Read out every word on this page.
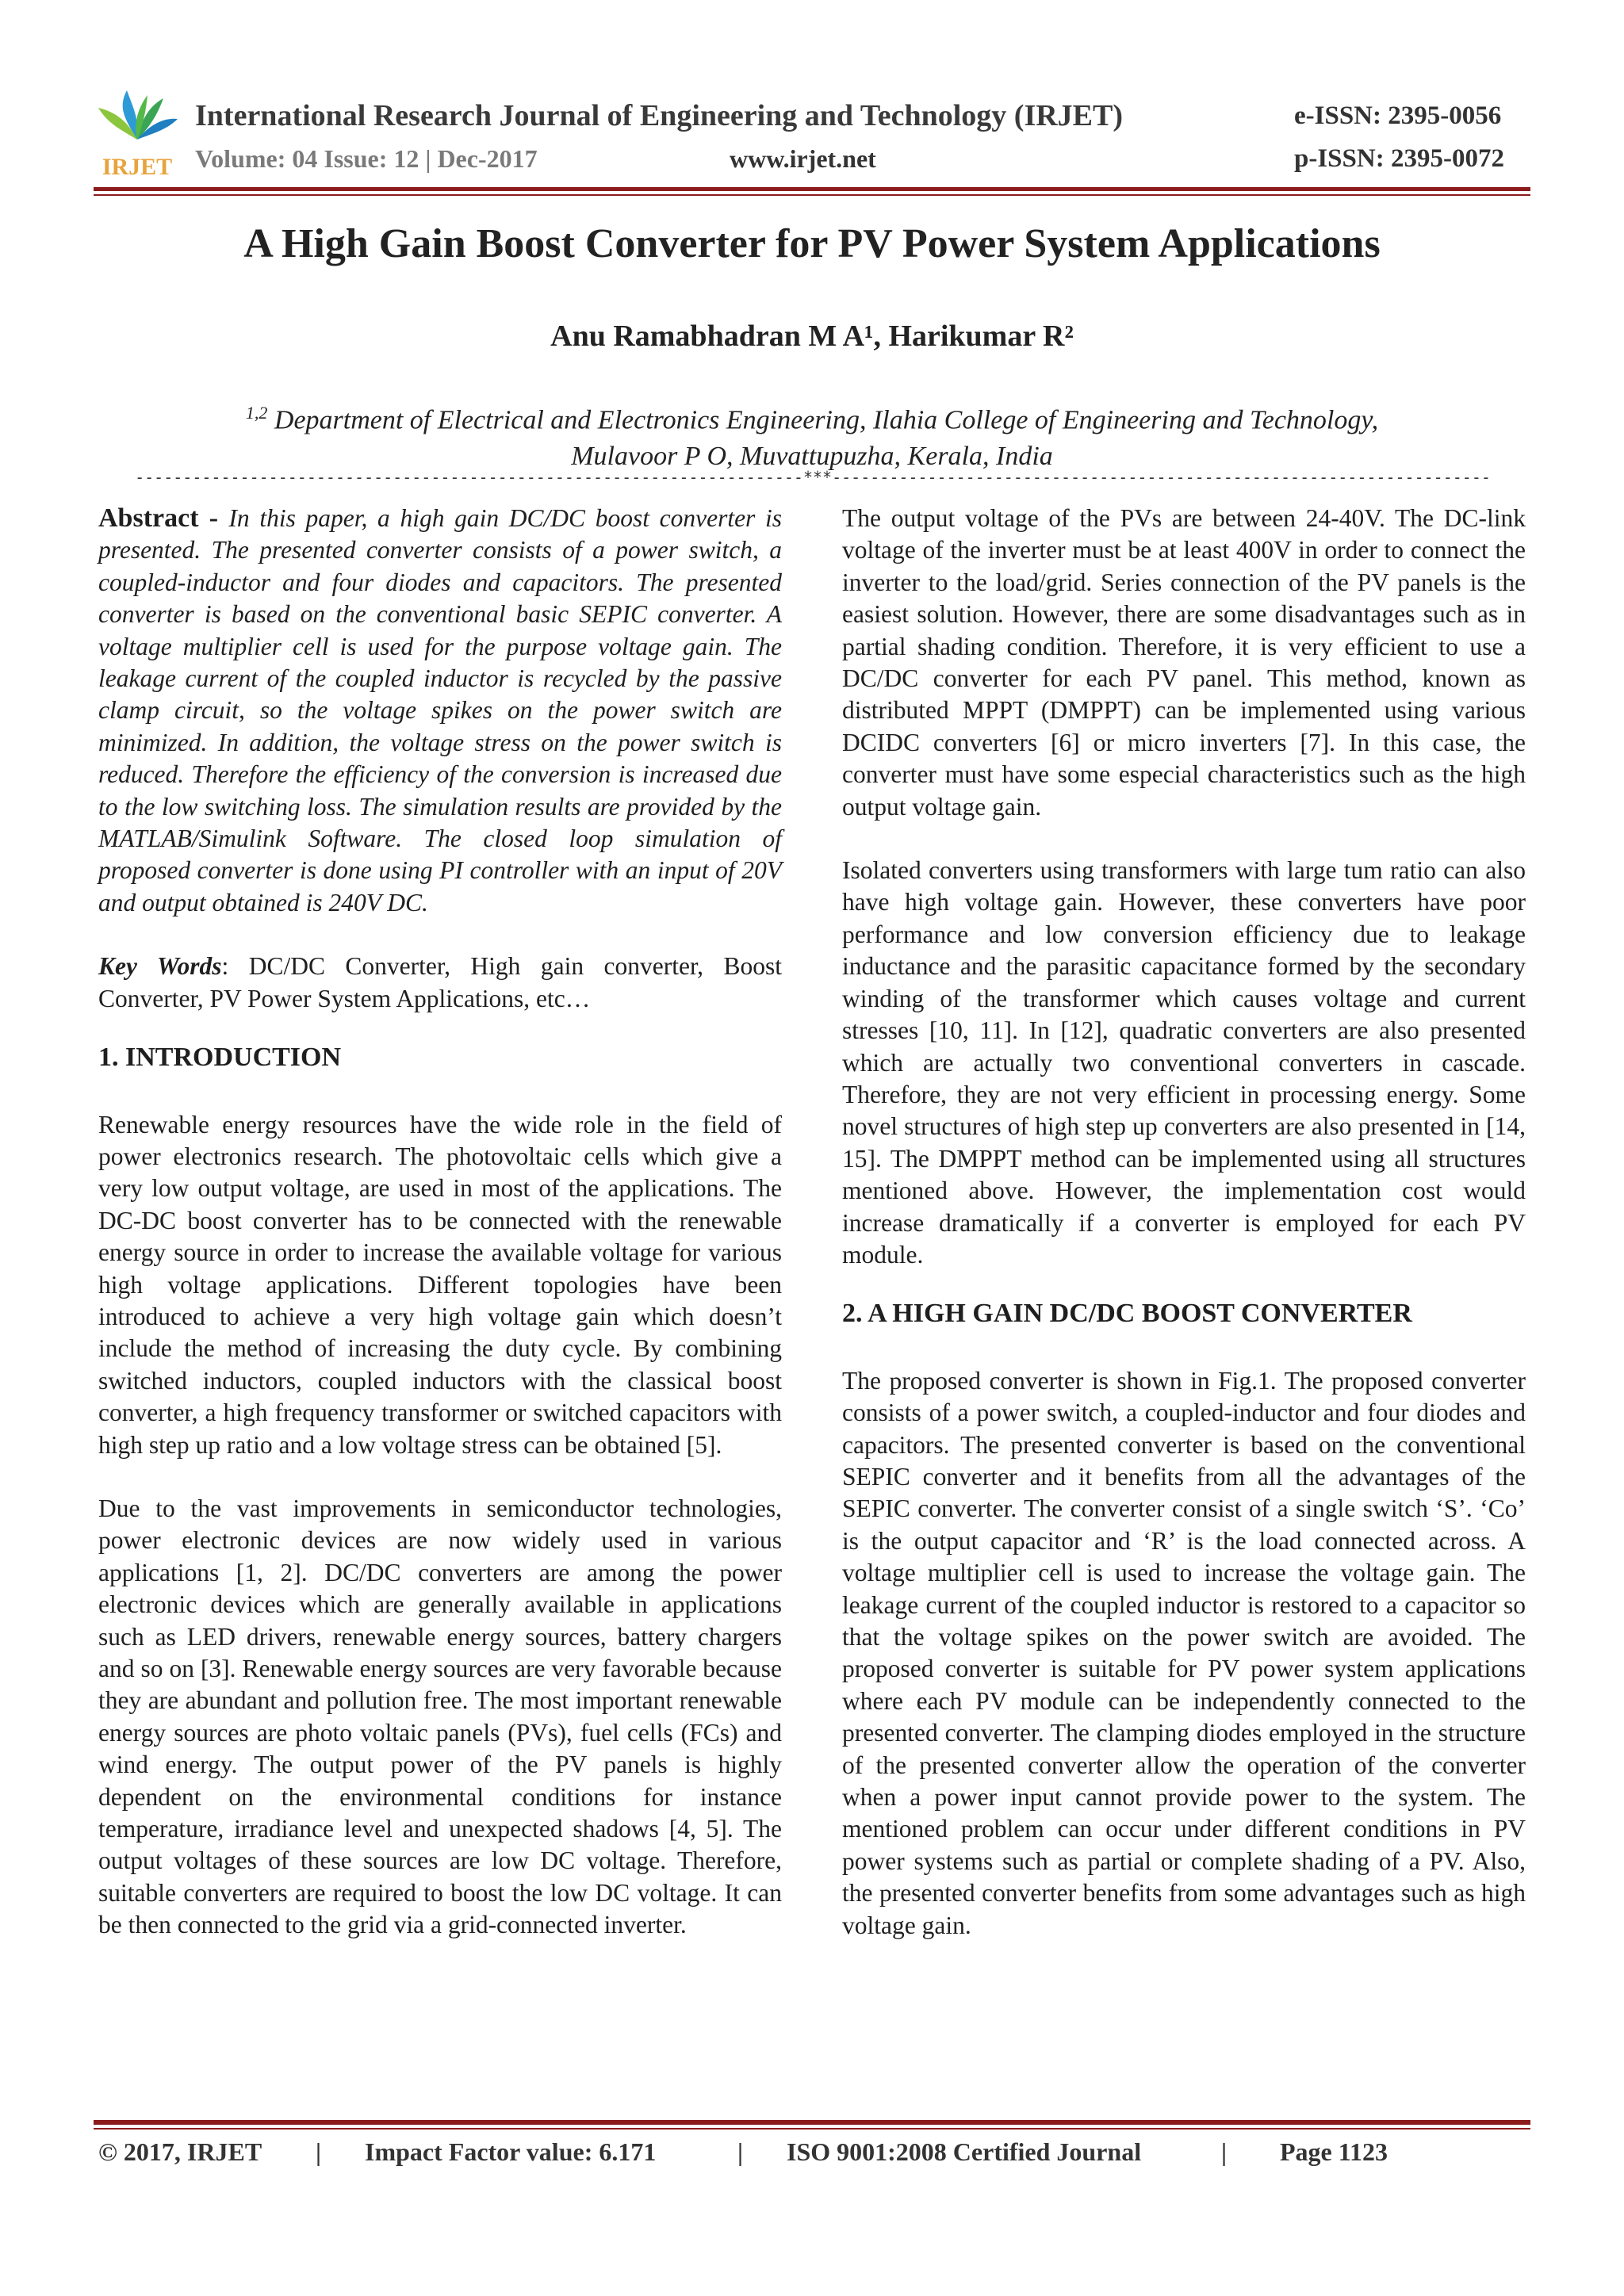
IRJET
International Research Journal of Engineering and Technology (IRJET)
Volume: 04 Issue: 12 | Dec-2017	www.irjet.net
e-ISSN: 2395-0056
p-ISSN: 2395-0072
A High Gain Boost Converter for PV Power System Applications
Anu Ramabhadran M A¹, Harikumar R²
$^{1,2}$ Department of Electrical and Electronics Engineering, Ilahia College of Engineering and Technology,
Mulavoor P O, Muvattupuzha, Kerala, India
----------------------------------------------------------------------***---------------------------------------------------------------------

Abstract - In this paper, a high gain DC/DC boost converter is presented. The presented converter consists of a power switch, a coupled-inductor and four diodes and capacitors. The presented converter is based on the conventional basic SEPIC converter. A voltage multiplier cell is used for the purpose voltage gain. The leakage current of the coupled inductor is recycled by the passive clamp circuit, so the voltage spikes on the power switch are minimized. In addition, the voltage stress on the power switch is reduced. Therefore the efficiency of the conversion is increased due to the low switching loss. The simulation results are provided by the MATLAB/Simulink Software. The closed loop simulation of proposed converter is done using PI controller with an input of 20V and output obtained is 240V DC.

Key Words: DC/DC Converter, High gain converter, Boost Converter, PV Power System Applications, etc…

1. INTRODUCTION

Renewable energy resources have the wide role in the field of power electronics research. The photovoltaic cells which give a very low output voltage, are used in most of the applications. The DC-DC boost converter has to be connected with the renewable energy source in order to increase the available voltage for various high voltage applications. Different topologies have been introduced to achieve a very high voltage gain which doesn’t include the method of increasing the duty cycle. By combining switched inductors, coupled inductors with the classical boost converter, a high frequency transformer or switched capacitors with high step up ratio and a low voltage stress can be obtained [5].

Due to the vast improvements in semiconductor technologies, power electronic devices are now widely used in various applications [1, 2]. DC/DC converters are among the power electronic devices which are generally available in applications such as LED drivers, renewable energy sources, battery chargers and so on [3]. Renewable energy sources are very favorable because they are abundant and pollution free. The most important renewable energy sources are photo voltaic panels (PVs), fuel cells (FCs) and wind energy. The output power of the PV panels is highly dependent on the environmental conditions for instance temperature, irradiance level and unexpected shadows [4, 5]. The output voltages of these sources are low DC voltage. Therefore, suitable converters are required to boost the low DC voltage. It can be then connected to the grid via a grid-connected inverter.

The output voltage of the PVs are between 24-40V. The DC-link voltage of the inverter must be at least 400V in order to connect the inverter to the load/grid. Series connection of the PV panels is the easiest solution. However, there are some disadvantages such as in partial shading condition. Therefore, it is very efficient to use a DC/DC converter for each PV panel. This method, known as distributed MPPT (DMPPT) can be implemented using various DCIDC converters [6] or micro inverters [7]. In this case, the converter must have some especial characteristics such as the high output voltage gain.

Isolated converters using transformers with large tum ratio can also have high voltage gain. However, these converters have poor performance and low conversion efficiency due to leakage inductance and the parasitic capacitance formed by the secondary winding of the transformer which causes voltage and current stresses [10, 11]. In [12], quadratic converters are also presented which are actually two conventional converters in cascade. Therefore, they are not very efficient in processing energy. Some novel structures of high step up converters are also presented in [14, 15]. The DMPPT method can be implemented using all structures mentioned above. However, the implementation cost would increase dramatically if a converter is employed for each PV module.

2. A HIGH GAIN DC/DC BOOST CONVERTER

The proposed converter is shown in Fig.1. The proposed converter consists of a power switch, a coupled-inductor and four diodes and capacitors. The presented converter is based on the conventional SEPIC converter and it benefits from all the advantages of the SEPIC converter. The converter consist of a single switch ‘S’. ‘Co’ is the output capacitor and ‘R’ is the load connected across. A voltage multiplier cell is used to increase the voltage gain. The leakage current of the coupled inductor is restored to a capacitor so that the voltage spikes on the power switch are avoided. The proposed converter is suitable for PV power system applications where each PV module can be independently connected to the presented converter. The clamping diodes employed in the structure of the presented converter allow the operation of the converter when a power input cannot provide power to the system. The mentioned problem can occur under different conditions in PV power systems such as partial or complete shading of a PV. Also, the presented converter benefits from some advantages such as high voltage gain.

© 2017, IRJET | Impact Factor value: 6.171	| ISO 9001:2008 Certified Journal	| Page 1123
